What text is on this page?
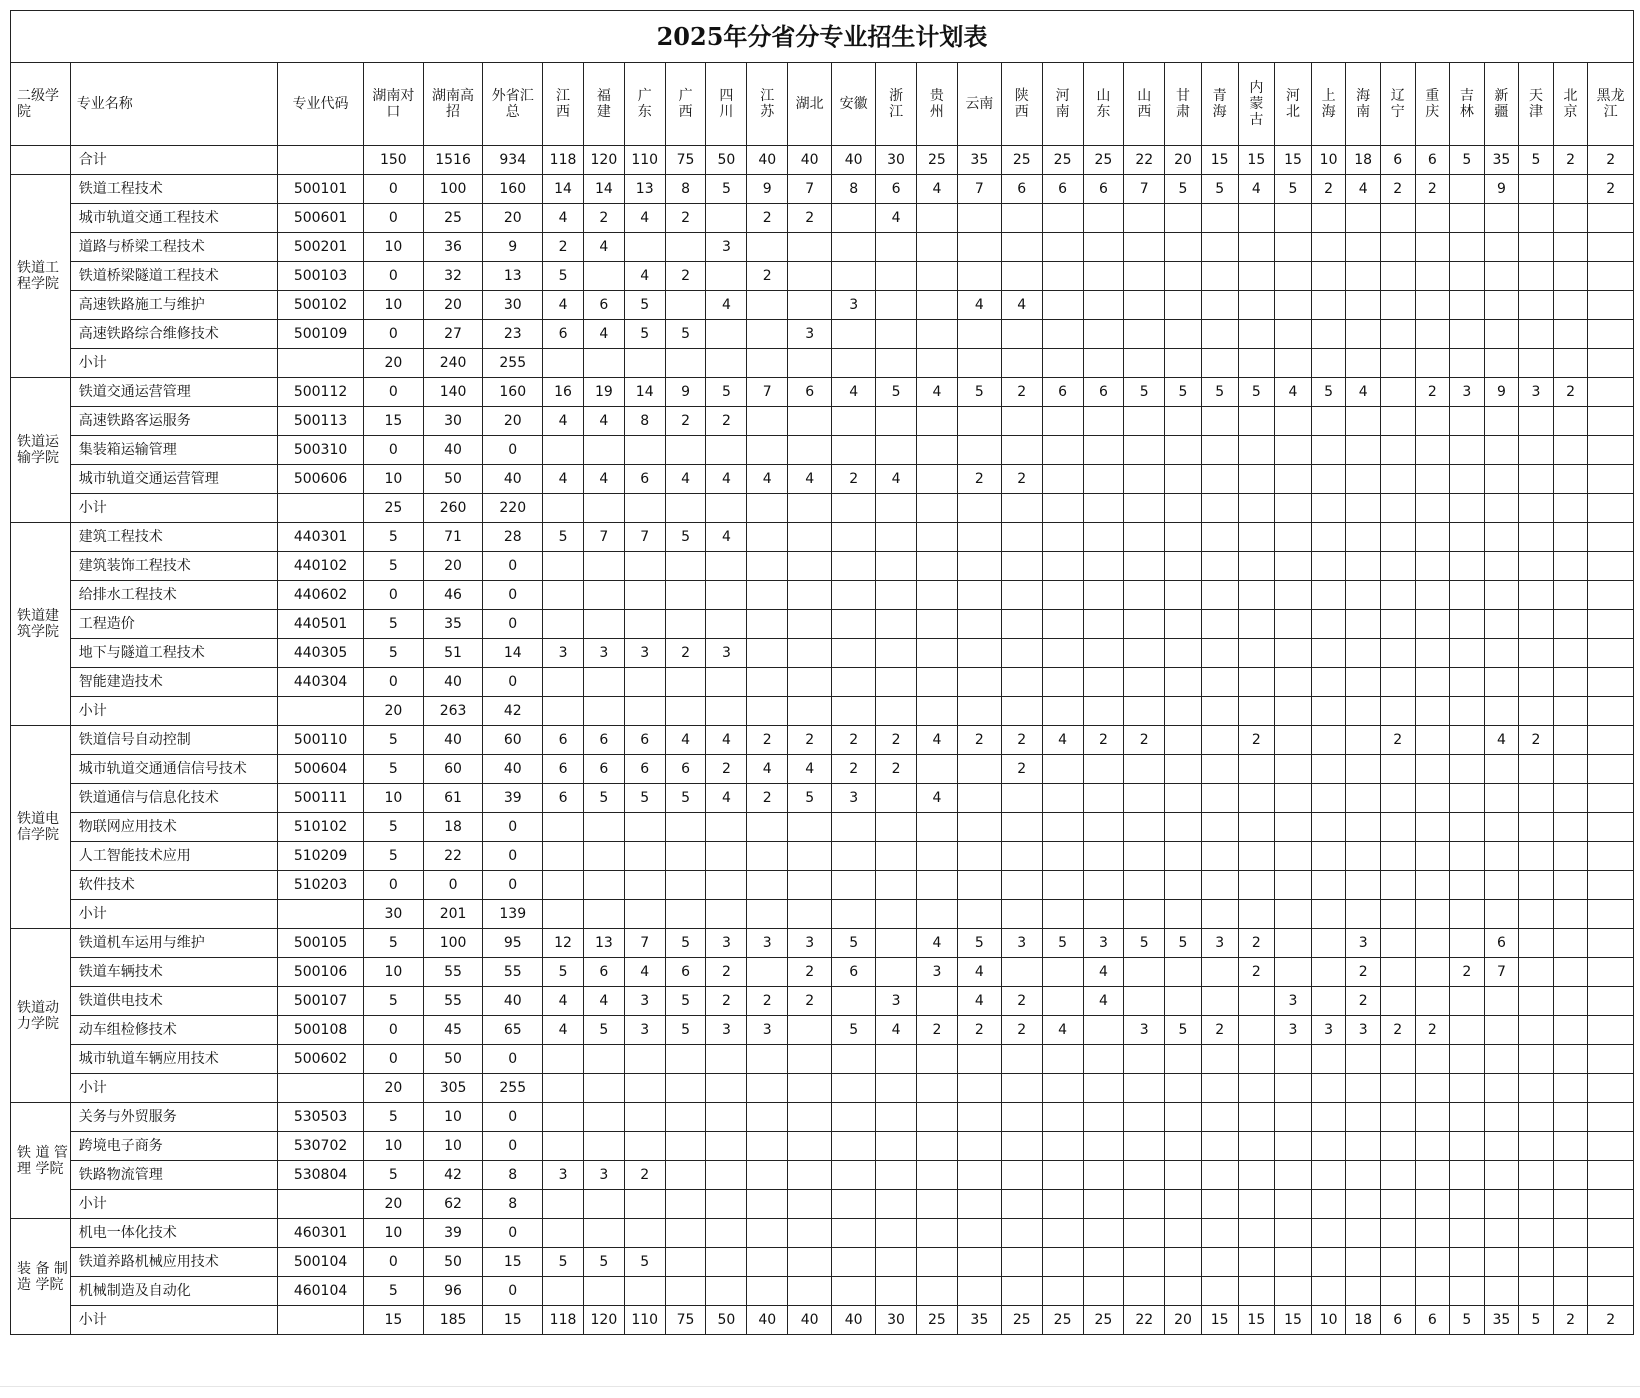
2025年分省分专业招生计划表																																	
二级学院	专业名称	专业代码	湖南对口	湖南高招	外省汇总	江西	福建	广东	广西	四川	江苏	湖北	安徽	浙江	贵州	云南	陕西	河南	山东	山西	甘肃	青海	内蒙古	河北	上海	海南	辽宁	重庆	吉林	新疆	天津	北京	黑龙江
	合计		150	1516	934	118	120	110	75	50	40	40	40	30	25	35	25	25	25	22	20	15	15	15	10	18	6	6	5	35	5	2	2
铁道工程学院	铁道工程技术	500101	0	100	160	14	14	13	8	5	9	7	8	6	4	7	6	6	6	7	5	5	4	5	2	4	2	2		9			2
	城市轨道交通工程技术	500601	0	25	20	4	2	4	2		2	2		4																			
	道路与桥梁工程技术	500201	10	36	9	2	4			3																							
	铁道桥梁隧道工程技术	500103	0	32	13	5		4	2		2																						
	高速铁路施工与维护	500102	10	20	30	4	6	5		4			3			4	4																
	高速铁路综合维修技术	500109	0	27	23	6	4	5	5			3																					
	小计		20	240	255																												
铁道运输学院	铁道交通运营管理	500112	0	140	160	16	19	14	9	5	7	6	4	5	4	5	2	6	6	5	5	5	5	4	5	4		2	3	9	3	2	
	高速铁路客运服务	500113	15	30	20	4	4	8	2	2																							
	集装箱运输管理	500310	0	40	0																												
	城市轨道交通运营管理	500606	10	50	40	4	4	6	4	4	4	4	2	4		2	2																
	小计		25	260	220																												
铁道建筑学院	建筑工程技术	440301	5	71	28	5	7	7	5	4																							
	建筑装饰工程技术	440102	5	20	0																												
	给排水工程技术	440602	0	46	0																												
	工程造价	440501	5	35	0																												
	地下与隧道工程技术	440305	5	51	14	3	3	3	2	3																							
	智能建造技术	440304	0	40	0																												
	小计		20	263	42																												
铁道电信学院	铁道信号自动控制	500110	5	40	60	6	6	6	4	4	2	2	2	2	4	2	2	4	2	2			2				2			4	2		
	城市轨道交通通信信号技术	500604	5	60	40	6	6	6	6	2	4	4	2	2			2																
	铁道通信与信息化技术	500111	10	61	39	6	5	5	5	4	2	5	3		4																		
	物联网应用技术	510102	5	18	0																												
	人工智能技术应用	510209	5	22	0																												
	软件技术	510203	0	0	0																												
	小计		30	201	139																												
铁道动力学院	铁道机车运用与维护	500105	5	100	95	12	13	7	5	3	3	3	5		4	5	3	5	3	5	5	3	2			3				6			
	铁道车辆技术	500106	10	55	55	5	6	4	6	2		2	6		3	4			4				2			2			2	7			
	铁道供电技术	500107	5	55	40	4	4	3	5	2	2	2		3		4	2		4					3		2							
	动车组检修技术	500108	0	45	65	4	5	3	5	3	3		5	4	2	2	2	4		3	5	2		3	3	3	2	2					
	城市轨道车辆应用技术	500602	0	50	0																												
	小计		20	305	255																												
铁 道 管 理 学院	关务与外贸服务	530503	5	10	0																												
	跨境电子商务	530702	10	10	0																												
	铁路物流管理	530804	5	42	8	3	3	2																									
	小计		20	62	8																												
装 备 制 造 学院	机电一体化技术	460301	10	39	0																												
	铁道养路机械应用技术	500104	0	50	15	5	5	5																									
	机械制造及自动化	460104	5	96	0																												
	小计		15	185	15	118	120	110	75	50	40	40	40	30	25	35	25	25	25	22	20	15	15	15	10	18	6	6	5	35	5	2	2
